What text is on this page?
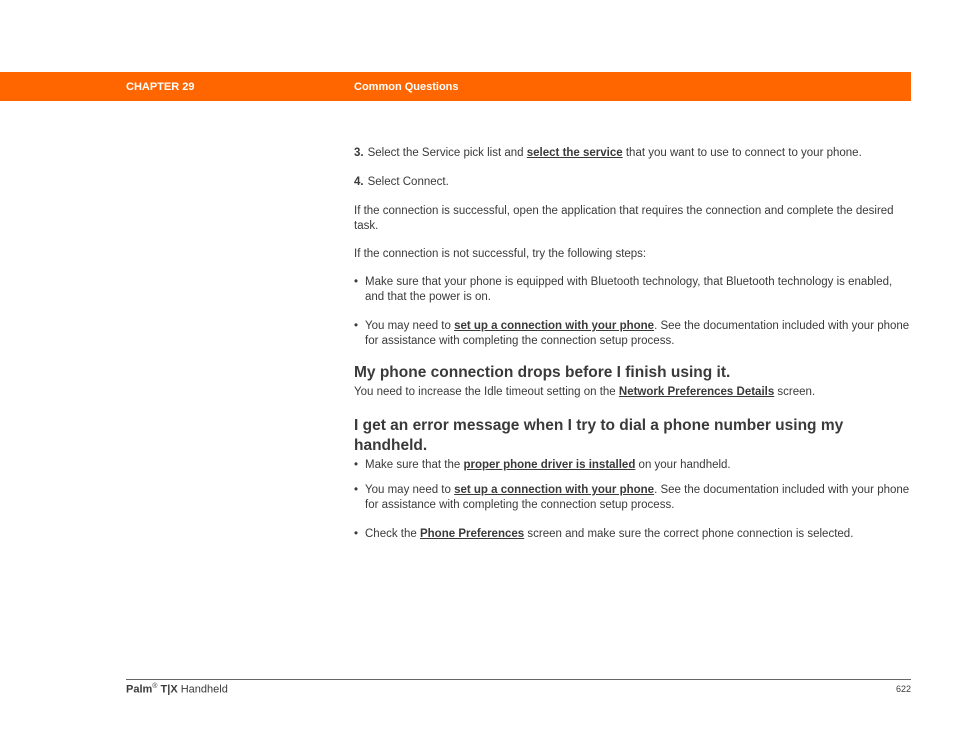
CHAPTER 29	Common Questions
3. Select the Service pick list and select the service that you want to use to connect to your phone.
4. Select Connect.

If the connection is successful, open the application that requires the connection and complete the desired task.

If the connection is not successful, try the following steps:

• Make sure that your phone is equipped with Bluetooth technology, that Bluetooth technology is enabled, and that the power is on.
• You may need to set up a connection with your phone. See the documentation included with your phone for assistance with completing the connection setup process.
My phone connection drops before I finish using it.

You need to increase the Idle timeout setting on the Network Preferences Details screen.

I get an error message when I try to dial a phone number using my handheld.
• Make sure that the proper phone driver is installed on your handheld.
• You may need to set up a connection with your phone. See the documentation included with your phone for assistance with completing the connection setup process.
• Check the Phone Preferences screen and make sure the correct phone connection is selected.
Palm® T|X Handheld	622
